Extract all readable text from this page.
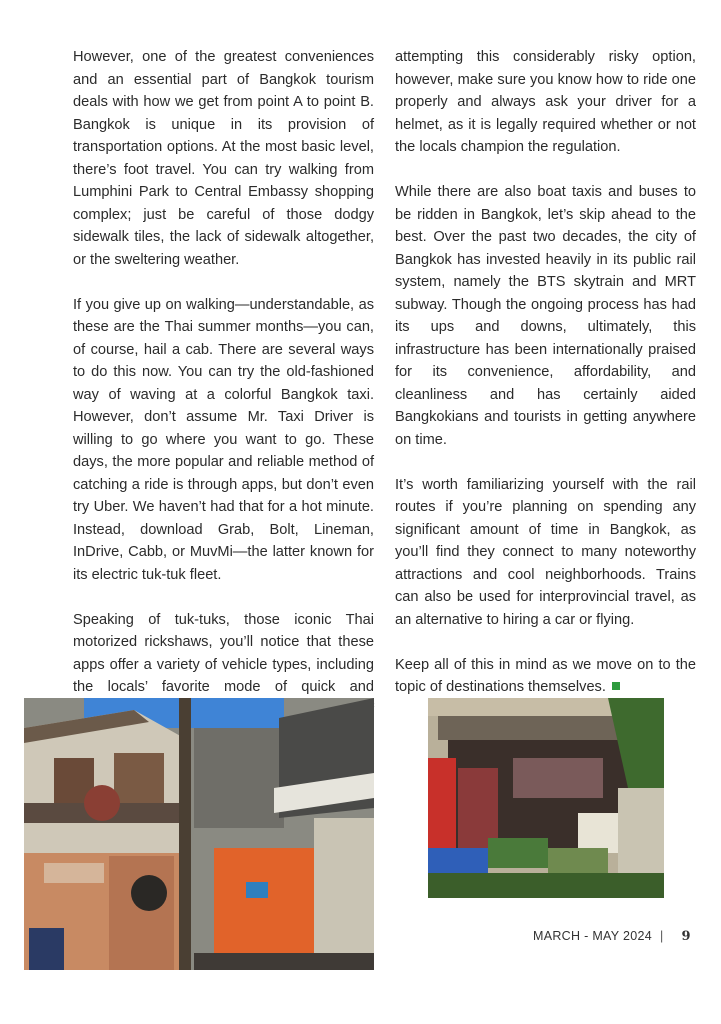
However, one of the greatest conveniences and an essential part of Bangkok tourism deals with how we get from point A to point B. Bangkok is unique in its provision of transportation options. At the most basic level, there’s foot travel. You can try walking from Lumphini Park to Central Embassy shopping complex; just be careful of those dodgy sidewalk tiles, the lack of sidewalk altogether, or the sweltering weather.

If you give up on walking—understandable, as these are the Thai summer months—you can, of course, hail a cab. There are several ways to do this now. You can try the old-fashioned way of waving at a colorful Bangkok taxi. However, don’t assume Mr. Taxi Driver is willing to go where you want to go. These days, the more popular and reliable method of catching a ride is through apps, but don’t even try Uber. We haven’t had that for a hot minute. Instead, download Grab, Bolt, Lineman, InDrive, Cabb, or MuvMi—the latter known for its electric tuk-tuk fleet.

Speaking of tuk-tuks, those iconic Thai motorized rickshaws, you’ll notice that these apps offer a variety of vehicle types, including the locals’ favorite mode of quick and

attempting this considerably risky option, however, make sure you know how to ride one properly and always ask your driver for a helmet, as it is legally required whether or not the locals champion the regulation.

While there are also boat taxis and buses to be ridden in Bangkok, let’s skip ahead to the best. Over the past two decades, the city of Bangkok has invested heavily in its public rail system, namely the BTS skytrain and MRT subway. Though the ongoing process has had its ups and downs, ultimately, this infrastructure has been internationally praised for its convenience, affordability, and cleanliness and has certainly aided Bangkokians and tourists in getting anywhere on time.

It’s worth familiarizing yourself with the rail routes if you’re planning on spending any significant amount of time in Bangkok, as you’ll find they connect to many noteworthy attractions and cool neighborhoods. Trains can also be used for interprovincial travel, as an alternative to hiring a car or flying.

Keep all of this in mind as we move on to the topic of destinations themselves.

MARCH - MAY 2024 | 9
